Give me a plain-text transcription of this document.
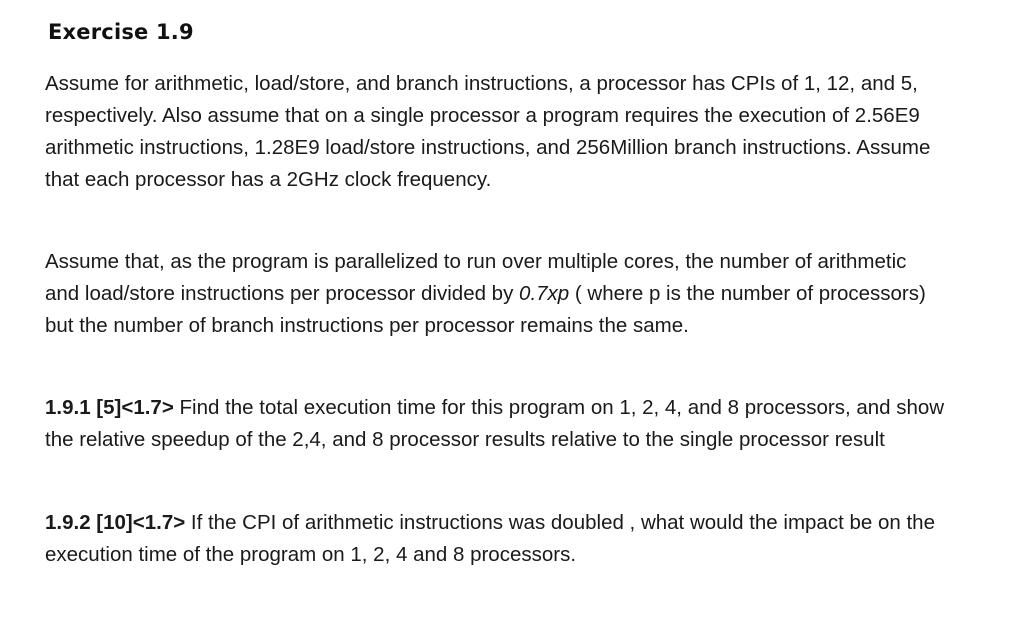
Exercise 1.9

Assume for arithmetic, load/store, and branch instructions, a processor has CPIs of 1, 12, and 5, respectively. Also assume that on a single processor a program requires the execution of 2.56E9 arithmetic instructions, 1.28E9 load/store instructions, and 256Million branch instructions. Assume that each processor has a 2GHz clock frequency.

Assume that, as the program is parallelized to run over multiple cores, the number of arithmetic and load/store instructions per processor divided by 0.7xp ( where p is the number of processors) but the number of branch instructions per processor remains the same.

1.9.1 [5]<1.7> Find the total execution time for this program on 1, 2, 4, and 8 processors, and show the relative speedup of the 2,4, and 8 processor results relative to the single processor result

1.9.2 [10]<1.7> If the CPI of arithmetic instructions was doubled , what would the impact be on the execution time of the program on 1, 2, 4 and 8 processors.
